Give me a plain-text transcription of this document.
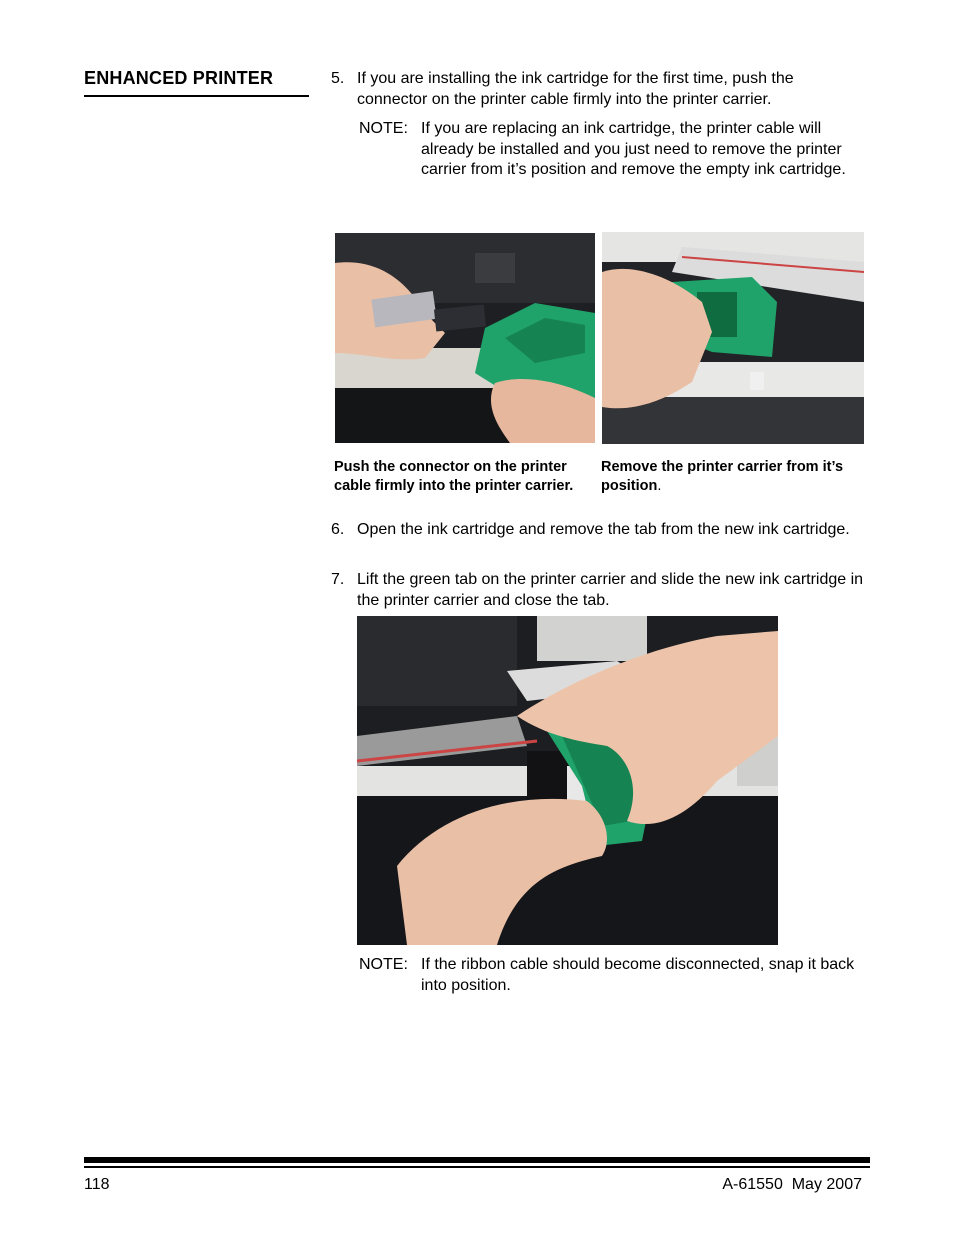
ENHANCED PRINTER	5. If you are installing the ink cartridge for the first time, push the connector on the printer cable firmly into the printer carrier.
NOTE: If you are replacing an ink cartridge, the printer cable will already be installed and you just need to remove the printer carrier from it’s position and remove the empty ink cartridge.
Push the connector on the printer cable firmly into the printer carrier.
Remove the printer carrier from it’s position.
6. Open the ink cartridge and remove the tab from the new ink cartridge.
7. Lift the green tab on the printer carrier and slide the new ink cartridge in the printer carrier and close the tab.
NOTE: If the ribbon cable should become disconnected, snap it back into position.
118	A-61550  May 2007
